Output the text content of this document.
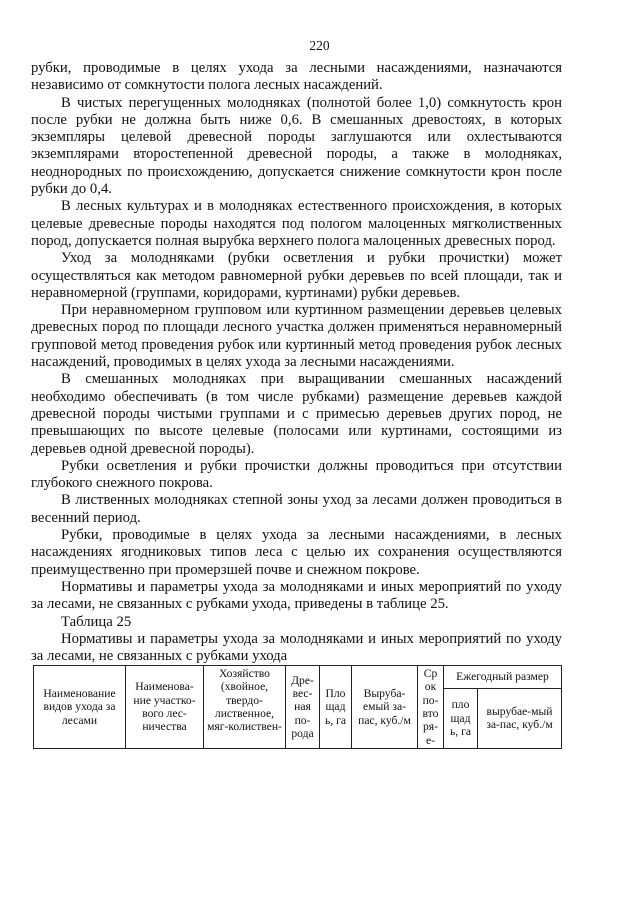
220

рубки, проводимые в целях ухода за лесными насаждениями, назначаются независимо от сомкнутости полога лесных насаждений.

В чистых перегущенных молодняках (полнотой более 1,0) сомкнутость крон после рубки не должна быть ниже 0,6. В смешанных древостоях, в которых экземпляры целевой древесной породы заглушаются или охлестываются экземплярами второстепенной древесной породы, а также в молодняках, неоднородных по происхождению, допускается снижение сомкнутости крон после рубки до 0,4.

В лесных культурах и в молодняках естественного происхождения, в которых целевые древесные породы находятся под пологом малоценных мягколиственных пород, допускается полная вырубка верхнего полога малоценных древесных пород.

Уход за молодняками (рубки осветления и рубки прочистки) может осуществляться как методом равномерной рубки деревьев по всей площади, так и неравномерной (группами, коридорами, куртинами) рубки деревьев.

При неравномерном групповом или куртинном размещении деревьев целевых древесных пород по площади лесного участка должен применяться неравномерный групповой метод проведения рубок или куртинный метод проведения рубок лесных насаждений, проводимых в целях ухода за лесными насаждениями.

В смешанных молодняках при выращивании смешанных насаждений необходимо обеспечивать (в том числе рубками) размещение деревьев каждой древесной породы чистыми группами и с примесью деревьев других пород, не превышающих по высоте целевые (полосами или куртинами, состоящими из деревьев одной древесной породы).

Рубки осветления и рубки прочистки должны проводиться при отсутствии глубокого снежного покрова.

В лиственных молодняках степной зоны уход за лесами должен проводиться в весенний период.

Рубки, проводимые в целях ухода за лесными насаждениями, в лесных насаждениях ягодниковых типов леса с целью их сохранения осуществляются преимущественно при промерзшей почве и снежном покрове.

Нормативы и параметры ухода за молодняками и иных мероприятий по уходу за лесами, не связанных с рубками ухода, приведены в таблице 25.

Таблица 25

Нормативы и параметры ухода за молодняками и иных мероприятий по уходу за лесами, не связанных с рубками ухода

Наименование видов ухода за лесами	Наименова-ние участко-вого лес-ничества	Хозяйство (хвойное, твердо-лиственное, мяг-колиствен-	Дре-вес-ная по-рода	Пло щад ь, га	Выруба-емый за-пас, куб./м	Ср ок по-вто ря-е-	Ежегодный размер	
							пло щад ь, га	вырубае-мый за-пас, куб./м
